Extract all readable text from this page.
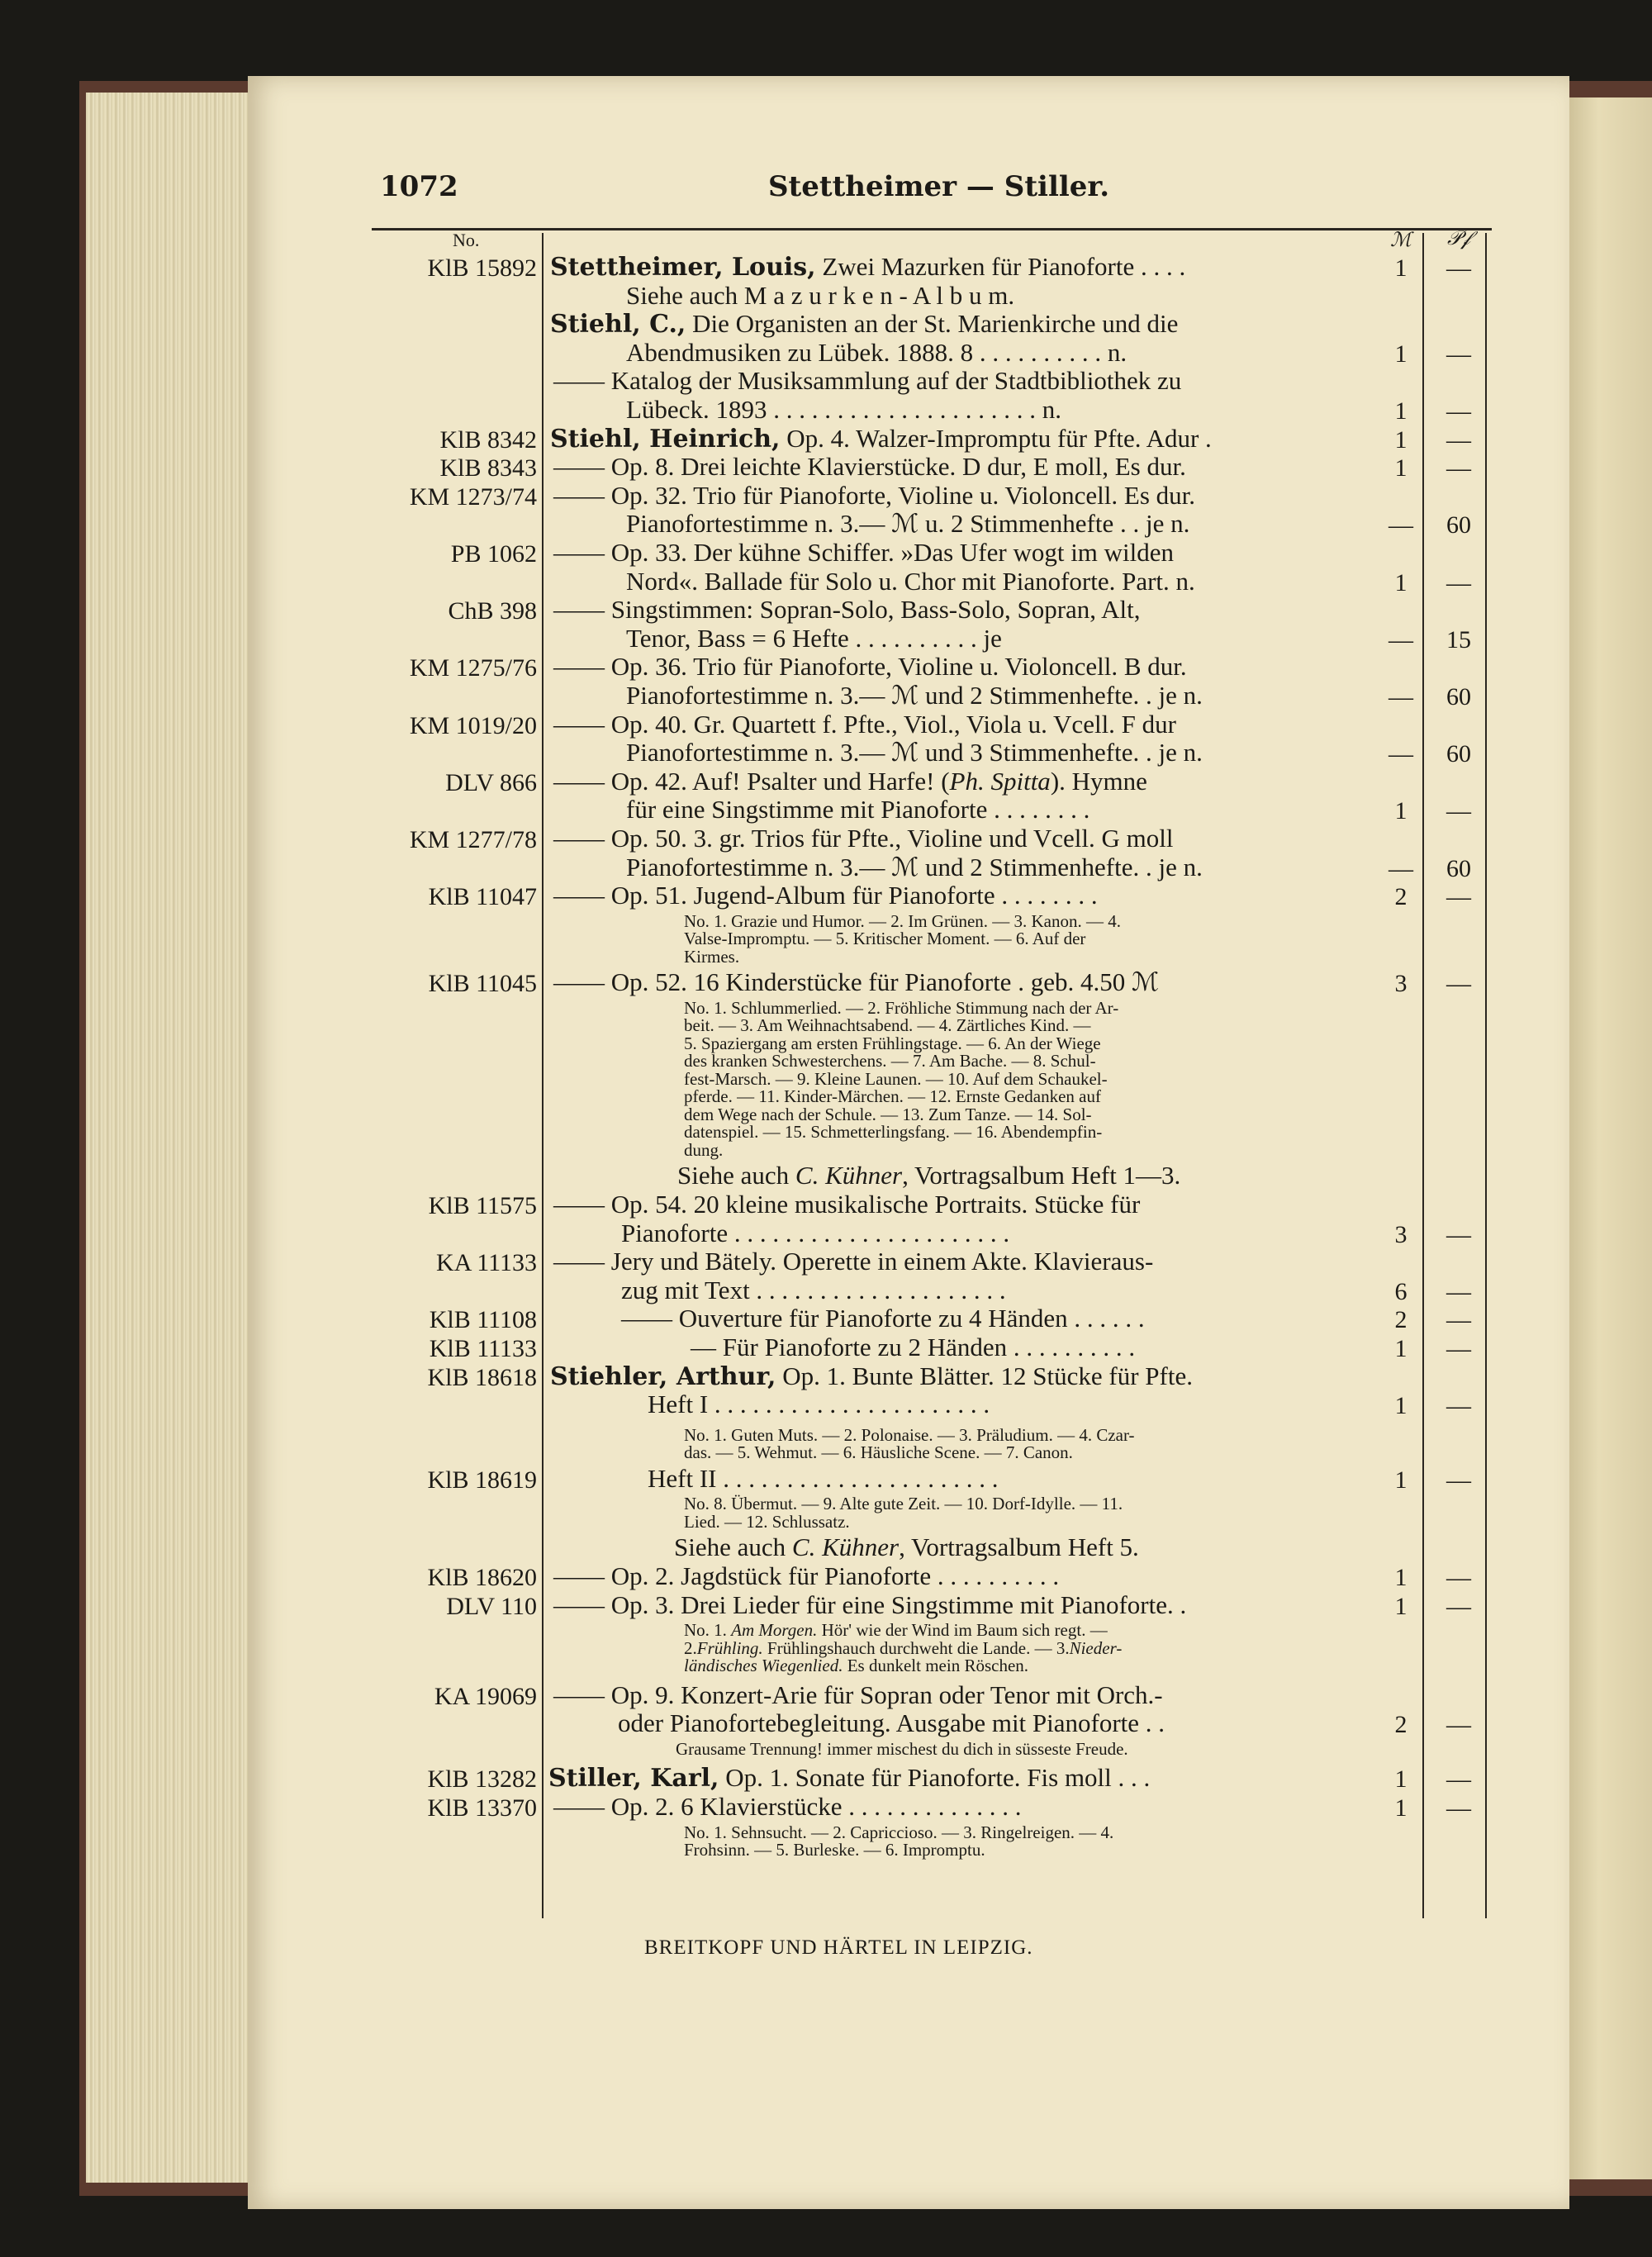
1072	Stettheimer — Stiller.
No.	ℳ	𝒫𝒻
KlB 15892 Stettheimer, Louis, Zwei Mazurken für Pianoforte . . . .	1	—
Siehe auch M a z u r k e n - A l b u m.
Stiehl, C., Die Organisten an der St. Marienkirche und die
Abendmusiken zu Lübek. 1888. 8 . . . . . . . . . . n.	1	—
—— Katalog der Musiksammlung auf der Stadtbibliothek zu
Lübeck. 1893 . . . . . . . . . . . . . . . . . . . . . n.	1	—
KlB 8342 Stiehl, Heinrich, Op. 4. Walzer-Impromptu für Pfte. Adur .	1	—
KlB 8343 —— Op. 8. Drei leichte Klavierstücke. D dur, E moll, Es dur.	1	—
KM 1273/74 —— Op. 32. Trio für Pianoforte, Violine u. Violoncell. Es dur.
Pianofortestimme n. 3.— ℳ u. 2 Stimmenhefte . . je n.	—	60
PB 1062 —— Op. 33. Der kühne Schiffer. »Das Ufer wogt im wilden
Nord«. Ballade für Solo u. Chor mit Pianoforte. Part. n.	1	—
ChB 398 —— Singstimmen: Sopran-Solo, Bass-Solo, Sopran, Alt,
Tenor, Bass = 6 Hefte . . . . . . . . . . je	—	15
KM 1275/76 —— Op. 36. Trio für Pianoforte, Violine u. Violoncell. B dur.
Pianofortestimme n. 3.— ℳ und 2 Stimmenhefte. . je n.	—	60
KM 1019/20 —— Op. 40. Gr. Quartett f. Pfte., Viol., Viola u. Vcell. F dur
Pianofortestimme n. 3.— ℳ und 3 Stimmenhefte. . je n.	—	60
DLV 866 —— Op. 42. Auf! Psalter und Harfe! (Ph. Spitta). Hymne
für eine Singstimme mit Pianoforte . . . . . . . .	1	—
KM 1277/78 —— Op. 50. 3. gr. Trios für Pfte., Violine und Vcell. G moll
Pianofortestimme n. 3.— ℳ und 2 Stimmenhefte. . je n.	—	60
KlB 11047 —— Op. 51. Jugend-Album für Pianoforte . . . . . . . .	2	—
No. 1. Grazie und Humor. — 2. Im Grünen. — 3. Kanon. — 4.
Valse-Impromptu. — 5. Kritischer Moment. — 6. Auf der
Kirmes.
KlB 11045 —— Op. 52. 16 Kinderstücke für Pianoforte . geb. 4.50 ℳ	3	—
No. 1. Schlummerlied. — 2. Fröhliche Stimmung nach der Ar-
beit. — 3. Am Weihnachtsabend. — 4. Zärtliches Kind. —
5. Spaziergang am ersten Frühlingstage. — 6. An der Wiege
des kranken Schwesterchens. — 7. Am Bache. — 8. Schul-
fest-Marsch. — 9. Kleine Launen. — 10. Auf dem Schaukel-
pferde. — 11. Kinder-Märchen. — 12. Ernste Gedanken auf
dem Wege nach der Schule. — 13. Zum Tanze. — 14. Sol-
datenspiel. — 15. Schmetterlingsfang. — 16. Abendempfin-
dung.
Siehe auch C. Kühner, Vortragsalbum Heft 1—3.
KlB 11575 —— Op. 54. 20 kleine musikalische Portraits. Stücke für
Pianoforte . . . . . . . . . . . . . . . . . . . . . .	3	—
KA 11133 —— Jery und Bätely. Operette in einem Akte. Klavieraus-
zug mit Text . . . . . . . . . . . . . . . . . . . .	6	—
KlB 11108	—— Ouverture für Pianoforte zu 4 Händen . . . . . .	2	—
KlB 11133	— Für Pianoforte zu 2 Händen . . . . . . . . . .	1	—
KlB 18618 Stiehler, Arthur, Op. 1. Bunte Blätter. 12 Stücke für Pfte.
Heft I . . . . . . . . . . . . . . . . . . . . . .	1	—
No. 1. Guten Muts. — 2. Polonaise. — 3. Präludium. — 4. Czar-
das. — 5. Wehmut. — 6. Häusliche Scene. — 7. Canon.
KlB 18619	Heft II . . . . . . . . . . . . . . . . . . . . . .	1	—
No. 8. Übermut. — 9. Alte gute Zeit. — 10. Dorf-Idylle. — 11.
Lied. — 12. Schlussatz.
Siehe auch C. Kühner, Vortragsalbum Heft 5.
KlB 18620 —— Op. 2. Jagdstück für Pianoforte . . . . . . . . . .	1	—
DLV 110 —— Op. 3. Drei Lieder für eine Singstimme mit Pianoforte. .	1	—
No. 1. Am Morgen. Hör' wie der Wind im Baum sich regt. —
2.Frühling. Frühlingshauch durchweht die Lande. — 3.Nieder-
ländisches Wiegenlied. Es dunkelt mein Röschen.
KA 19069 —— Op. 9. Konzert-Arie für Sopran oder Tenor mit Orch.-
oder Pianofortebegleitung. Ausgabe mit Pianoforte . .	2	—
Grausame Trennung! immer mischest du dich in süsseste Freude.
KlB 13282 Stiller, Karl, Op. 1. Sonate für Pianoforte. Fis moll . . .	1	—
KlB 13370 —— Op. 2. 6 Klavierstücke . . . . . . . . . . . . . .	1	—
No. 1. Sehnsucht. — 2. Capriccioso. — 3. Ringelreigen. — 4.
Frohsinn. — 5. Burleske. — 6. Impromptu.
BREITKOPF UND HÄRTEL IN LEIPZIG.
